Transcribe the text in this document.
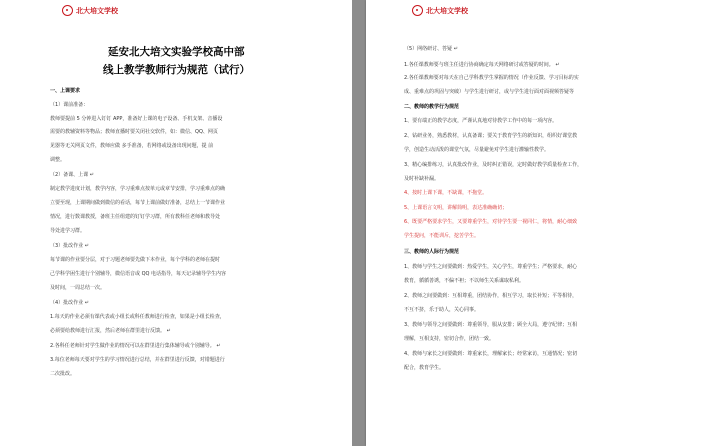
北大培文学校
延安北大培文实验学校高中部
线上教学教师行为规范（试行）
一、上课要求
（1）课前准备：
教师要提前 5 分钟进入钉钉 APP，准备好上课的电子设备、手机支架、音播设
需要的教辅资料等物品；教师直播时要关闭社交软件，如：微信、QQ、网页
见器等无关网页文件，教师应做 多手准备，若网络或设备出现问题，提 前
调整。
（2）备课、上课 ↵
制定教学进度计划，教学内容，学习重难点按单元或章节安排，学习重难点的确
立要至现，上课期间做到微信的看话，每节上课前做好准备，总结上一节课作业
情况，进行数课教授，备班主任组建的钉钉学习群，所有教科任老师和教导处
导处进学习群。
（3）批改作业 ↵
每节课的作业要分层，对于习题老师要先做下本作业，每个学科的老师在提时
己学科学困生进行个别辅导，微信语音或 QQ 电话指导，每天记录辅导学生内容
及时间，一周总结一次。
（4）批改作业 ↵
1.每天的作业必须有课代表或小组长或科任教师进行检查，如果是小组长检查，
必须要给教师进行汇报，然后老师在群里进行反馈。 ↵
2.各科任老师针对学生做作业的情况可以在群里进行集体辅导或个别辅导。 ↵
3.每位老师每天要对学生的学习情况进行总结，并在群里进行反馈，对错题进行
二次批改。
北大培文学校
（5）网络研讨、答疑 ↵
1.各任课教师要与班主任进行协商确定每天网络研讨或答疑的时间。 ↵
2.各任课教师要对每天在自己学科教学生掌握的情况（作业反馈、学习目标的实
成、重难点的巩固与突破）与学生进行研讨，或与学生进行面对面视频答疑等
二、教师的教学行为规范
1、要有端正的教学态度，严谨认真地对待教学工作中的每一项内容。
2、钻研业务，熟悉教材，认真备课；要关于教育学生的新知识，组织好课堂教
学，创造生动活泼的课堂气氛，尽量避免对学生进行灌输性教学。
3、精心编排练习，认真批改作业，及时纠正错误，定时做好教学质量检查工作，
及时补缺补漏。
4、按时上课下课，不缺课，不拖堂。
5、上课语言文明，讲解简明，表达准确确切；
6、既要严格要求学生，又要尊重学生，对待学生要一视同仁，将情，耐心细致
学生提问，不能训斥，挖苦学生。
三、教师的人际行为规范
1、教师与学生之间要做到：热爱学生，关心学生，尊重学生；严格要求，耐心
教育，循循善诱，不偏不袒；不以师生关系谋取私利。
2、教师之间要做到：互相尊重，团结协作，相互学习，取长补短；平等相待，
不互不挤，乐于助人，关心同事。
3、教师与领导之间要做到：尊重领导，服从安排；顾全大局，遵守纪律；互相
理解，互相支持，密切合作，团结一致。
4、教师与家长之间要做到：尊重家长，理解家长；经常家访，互通情况；密切
配合，教育学生。
